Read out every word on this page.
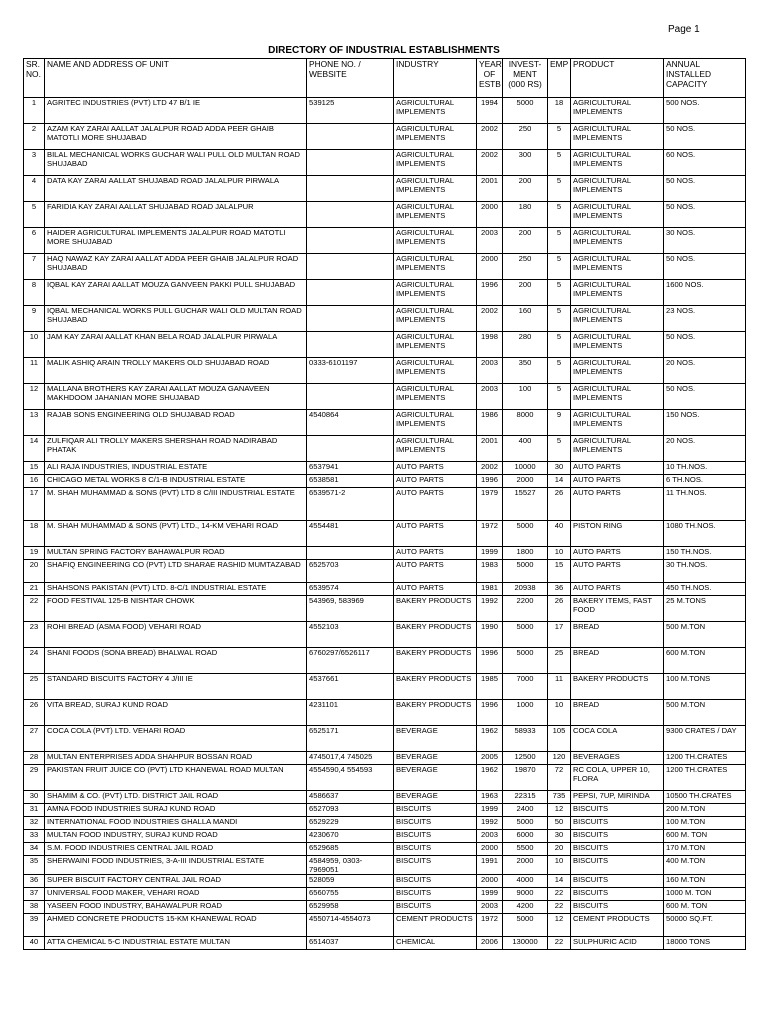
Page 1
DIRECTORY OF INDUSTRIAL ESTABLISHMENTS
SR. NO.	NAME AND ADDRESS OF UNIT	PHONE NO. / WEBSITE	INDUSTRY	YEAR OF ESTB	INVEST-MENT (000 RS)	EMP	PRODUCT	ANNUAL INSTALLED CAPACITY
1	AGRITEC INDUSTRIES (PVT) LTD 47 B/1 IE	539125	AGRICULTURAL IMPLEMENTS	1994	5000	18	AGRICULTURAL IMPLEMENTS	500 NOS.
2	AZAM KAY ZARAI AALLAT JALALPUR ROAD ADDA PEER GHAIB MATOTLI MORE SHUJABAD		AGRICULTURAL IMPLEMENTS	2002	250	5	AGRICULTURAL IMPLEMENTS	50 NOS.
3	BILAL MECHANICAL WORKS GUCHAR WALI PULL OLD MULTAN ROAD SHUJABAD		AGRICULTURAL IMPLEMENTS	2002	300	5	AGRICULTURAL IMPLEMENTS	60 NOS.
4	DATA KAY ZARAI AALLAT SHUJABAD ROAD JALALPUR PIRWALA		AGRICULTURAL IMPLEMENTS	2001	200	5	AGRICULTURAL IMPLEMENTS	50 NOS.
5	FARIDIA KAY ZARAI AALLAT SHUJABAD ROAD JALALPUR		AGRICULTURAL IMPLEMENTS	2000	180	5	AGRICULTURAL IMPLEMENTS	50 NOS.
6	HAIDER AGRICULTURAL IMPLEMENTS JALALPUR ROAD MATOTLI MORE SHUJABAD		AGRICULTURAL IMPLEMENTS	2003	200	5	AGRICULTURAL IMPLEMENTS	30 NOS.
7	HAQ NAWAZ KAY ZARAI AALLAT ADDA PEER GHAIB JALALPUR ROAD SHUJABAD		AGRICULTURAL IMPLEMENTS	2000	250	5	AGRICULTURAL IMPLEMENTS	50 NOS.
8	IQBAL KAY ZARAI AALLAT MOUZA GANVEEN PAKKI PULL SHUJABAD		AGRICULTURAL IMPLEMENTS	1996	200	5	AGRICULTURAL IMPLEMENTS	1600 NOS.
9	IQBAL MECHANICAL WORKS PULL GUCHAR WALI OLD MULTAN ROAD SHUJABAD		AGRICULTURAL IMPLEMENTS	2002	160	5	AGRICULTURAL IMPLEMENTS	23 NOS.
10	JAM KAY ZARAI AALLAT KHAN BELA ROAD JALALPUR PIRWALA		AGRICULTURAL IMPLEMENTS	1998	280	5	AGRICULTURAL IMPLEMENTS	50 NOS.
11	MALIK ASHIQ ARAIN TROLLY MAKERS OLD SHUJABAD ROAD	0333-6101197	AGRICULTURAL IMPLEMENTS	2003	350	5	AGRICULTURAL IMPLEMENTS	20 NOS.
12	MALLANA BROTHERS KAY ZARAI AALLAT MOUZA GANAVEEN MAKHDOOM JAHANIAN MORE SHUJABAD		AGRICULTURAL IMPLEMENTS	2003	100	5	AGRICULTURAL IMPLEMENTS	50 NOS.
13	RAJAB SONS ENGINEERING OLD SHUJABAD ROAD	4540864	AGRICULTURAL IMPLEMENTS	1986	8000	9	AGRICULTURAL IMPLEMENTS	150 NOS.
14	ZULFIQAR ALI TROLLY MAKERS SHERSHAH ROAD NADIRABAD PHATAK		AGRICULTURAL IMPLEMENTS	2001	400	5	AGRICULTURAL IMPLEMENTS	20 NOS.
15	ALI RAJA INDUSTRIES, INDUSTRIAL ESTATE	6537941	AUTO PARTS	2002	10000	30	AUTO PARTS	10 TH.NOS.
16	CHICAGO METAL WORKS 8 C/1-B INDUSTRIAL ESTATE	6538581	AUTO PARTS	1996	2000	14	AUTO PARTS	6 TH.NOS.
17	M. SHAH MUHAMMAD & SONS (PVT) LTD 8 C/III INDUSTRIAL ESTATE	6539571-2	AUTO PARTS	1979	15527	26	AUTO PARTS	11 TH.NOS.
18	M. SHAH MUHAMMAD & SONS (PVT) LTD., 14-KM VEHARI ROAD	4554481	AUTO PARTS	1972	5000	40	PISTON RING	1080 TH.NOS.
19	MULTAN SPRING FACTORY BAHAWALPUR ROAD		AUTO PARTS	1999	1800	10	AUTO PARTS	150 TH.NOS.
20	SHAFIQ ENGINEERING CO (PVT) LTD SHARAE RASHID MUMTAZABAD	6525703	AUTO PARTS	1983	5000	15	AUTO PARTS	30 TH.NOS.
21	SHAHSONS PAKISTAN (PVT) LTD. 8-C/1 INDUSTRIAL ESTATE	6539574	AUTO PARTS	1981	20938	36	AUTO PARTS	450 TH.NOS.
22	FOOD FESTIVAL 125-B NISHTAR CHOWK	543969, 583969	BAKERY PRODUCTS	1992	2200	26	BAKERY ITEMS, FAST FOOD	25 M.TONS
23	ROHI BREAD (ASMA FOOD) VEHARI ROAD	4552103	BAKERY PRODUCTS	1990	5000	17	BREAD	500 M.TON
24	SHANI FOODS (SONA BREAD) BHALWAL ROAD	6760297/6526117	BAKERY PRODUCTS	1996	5000	25	BREAD	600 M.TON
25	STANDARD BISCUITS FACTORY 4 J/III IE	4537661	BAKERY PRODUCTS	1985	7000	11	BAKERY PRODUCTS	100 M.TONS
26	VITA BREAD, SURAJ KUND ROAD	4231101	BAKERY PRODUCTS	1996	1000	10	BREAD	500 M.TON
27	COCA COLA (PVT) LTD. VEHARI ROAD	6525171	BEVERAGE	1962	58933	105	COCA COLA	9300 CRATES / DAY
28	MULTAN ENTERPRISES ADDA SHAHPUR BOSSAN ROAD	4745017,4 745025	BEVERAGE	2005	12500	120	BEVERAGES	1200 TH.CRATES
29	PAKISTAN FRUIT JUICE CO (PVT) LTD KHANEWAL ROAD MULTAN	4554590,4 554593	BEVERAGE	1962	19870	72	RC COLA, UPPER 10, FLORA	1200 TH.CRATES
30	SHAMIM & CO. (PVT) LTD. DISTRICT JAIL ROAD	4586637	BEVERAGE	1963	22315	735	PEPSI, 7UP, MIRINDA	10500 TH.CRATES
31	AMNA FOOD INDUSTRIES SURAJ KUND ROAD	6527093	BISCUITS	1999	2400	12	BISCUITS	200 M.TON
32	INTERNATIONAL FOOD INDUSTRIES GHALLA MANDI	6529229	BISCUITS	1992	5000	50	BISCUITS	100 M.TON
33	MULTAN FOOD INDUSTRY, SURAJ KUND ROAD	4230670	BISCUITS	2003	6000	30	BISCUITS	600 M. TON
34	S.M. FOOD INDUSTRIES CENTRAL JAIL ROAD	6529685	BISCUITS	2000	5500	20	BISCUITS	170 M.TON
35	SHERWAINI FOOD INDUSTRIES, 3-A-III INDUSTRIAL ESTATE	4584959, 0303-7969051	BISCUITS	1991	2000	10	BISCUITS	400 M.TON
36	SUPER BISCUIT FACTORY CENTRAL JAIL ROAD	528059	BISCUITS	2000	4000	14	BISCUITS	160 M.TON
37	UNIVERSAL FOOD MAKER, VEHARI ROAD	6560755	BISCUITS	1999	9000	22	BISCUITS	1000 M. TON
38	YASEEN FOOD INDUSTRY, BAHAWALPUR ROAD	6529958	BISCUITS	2003	4200	22	BISCUITS	600 M. TON
39	AHMED CONCRETE PRODUCTS 15-KM KHANEWAL ROAD	4550714-4554073	CEMENT PRODUCTS	1972	5000	12	CEMENT PRODUCTS	50000 SQ.FT.
40	ATTA CHEMICAL 5-C INDUSTRIAL ESTATE MULTAN	6514037	CHEMICAL	2006	130000	22	SULPHURIC ACID	18000 TONS
